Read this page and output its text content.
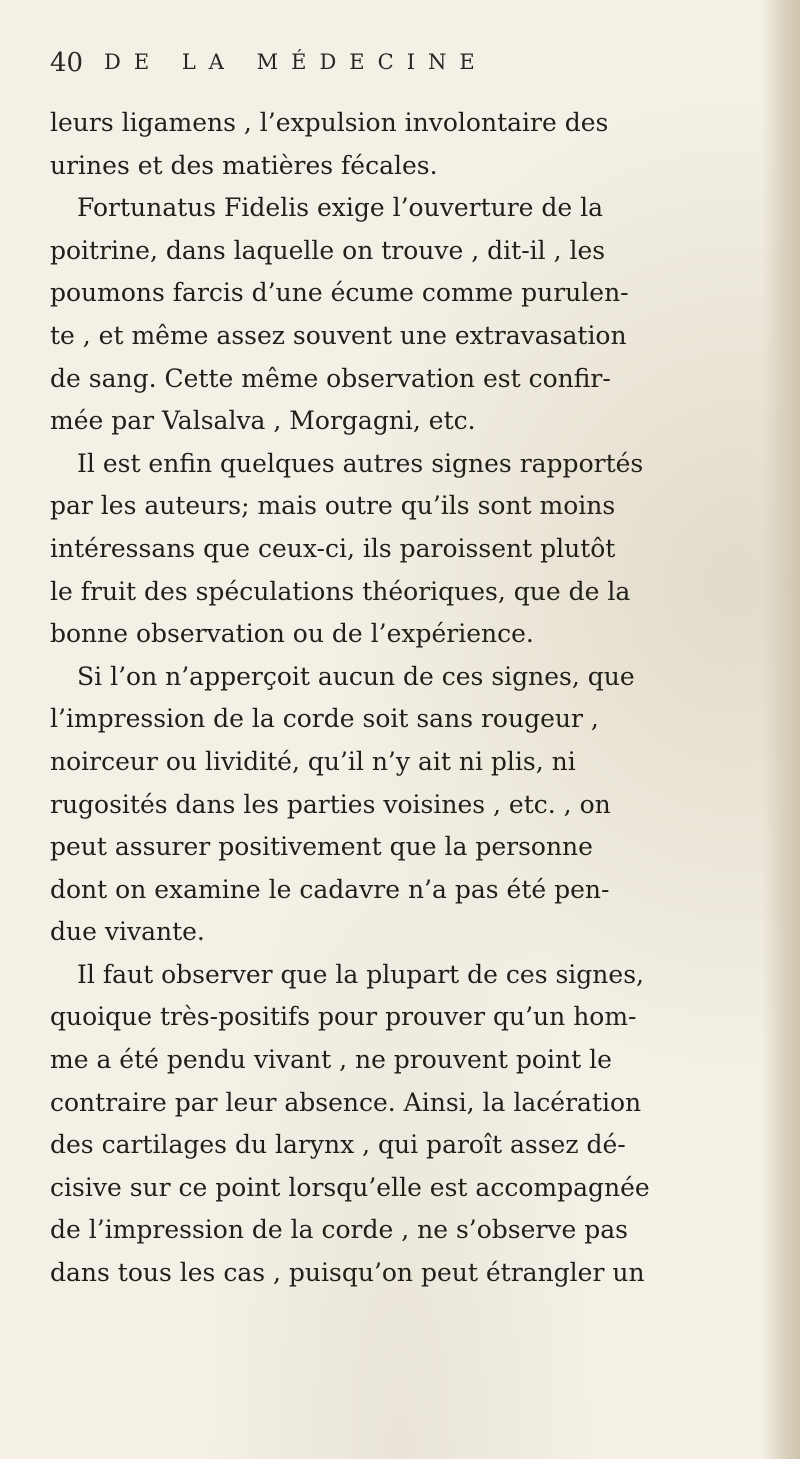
40 DE LA MÉDECINE
leurs ligamens , l’expulsion involontaire des
urines et des matières fécales.
Fortunatus Fidelis exige l’ouverture de la
poitrine, dans laquelle on trouve , dit-il , les
poumons farcis d’une écume comme purulen-
te , et même assez souvent une extravasation
de sang. Cette même observation est confir-
mée par Valsalva , Morgagni, etc.
Il est enfin quelques autres signes rapportés
par les auteurs; mais outre qu’ils sont moins
intéressans que ceux-ci, ils paroissent plutôt
le fruit des spéculations théoriques, que de la
bonne observation ou de l’expérience.
Si l’on n’apperçoit aucun de ces signes, que
l’impression de la corde soit sans rougeur ,
noirceur ou lividité, qu’il n’y ait ni plis, ni
rugosités dans les parties voisines , etc. , on
peut assurer positivement que la personne
dont on examine le cadavre n’a pas été pen-
due vivante.
Il faut observer que la plupart de ces signes,
quoique très-positifs pour prouver qu’un hom-
me a été pendu vivant , ne prouvent point le
contraire par leur absence. Ainsi, la lacération
des cartilages du larynx , qui paroît assez dé-
cisive sur ce point lorsqu’elle est accompagnée
de l’impression de la corde , ne s’observe pas
dans tous les cas , puisqu’on peut étrangler un
